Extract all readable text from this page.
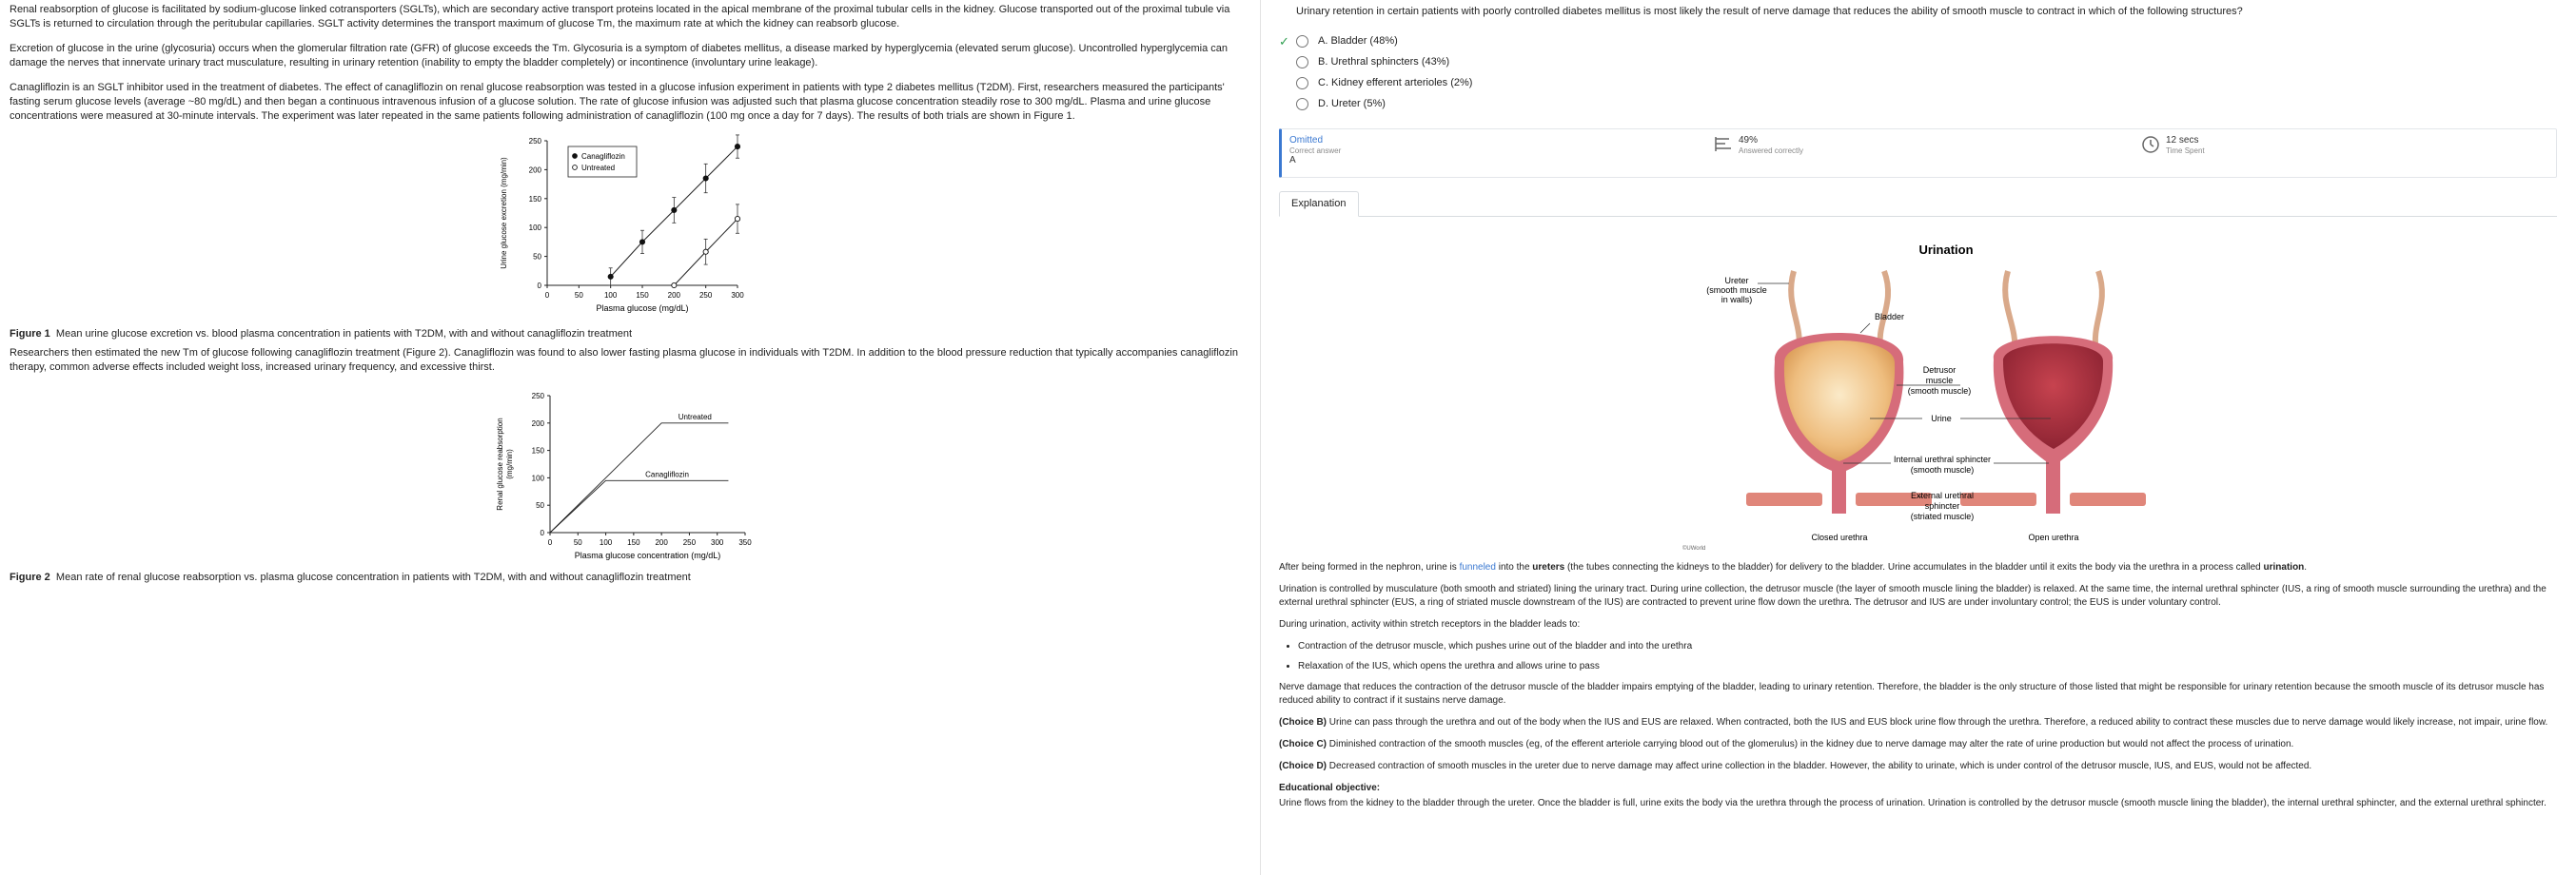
Renal reabsorption of glucose is facilitated by sodium-glucose linked cotransporters (SGLTs), which are secondary active transport proteins located in the apical membrane of the proximal tubular cells in the kidney. Glucose transported out of the proximal tubule via SGLTs is returned to circulation through the peritubular capillaries. SGLT activity determines the transport maximum of glucose Tm, the maximum rate at which the kidney can reabsorb glucose.

Excretion of glucose in the urine (glycosuria) occurs when the glomerular filtration rate (GFR) of glucose exceeds the Tm. Glycosuria is a symptom of diabetes mellitus, a disease marked by hyperglycemia (elevated serum glucose). Uncontrolled hyperglycemia can damage the nerves that innervate urinary tract musculature, resulting in urinary retention (inability to empty the bladder completely) or incontinence (involuntary urine leakage).

Canagliflozin is an SGLT inhibitor used in the treatment of diabetes. The effect of canagliflozin on renal glucose reabsorption was tested in a glucose infusion experiment in patients with type 2 diabetes mellitus (T2DM). First, researchers measured the participants' fasting serum glucose levels (average ~80 mg/dL) and then began a continuous intravenous infusion of a glucose solution. The rate of glucose infusion was adjusted such that plasma glucose concentration steadily rose to 300 mg/dL. Plasma and urine glucose concentrations were measured at 30-minute intervals. The experiment was later repeated in the same patients following administration of canagliflozin (100 mg once a day for 7 days). The results of both trials are shown in Figure 1.

0	50	100 150 200 250 300
0
50
100
150
200
250
Plasma glucose (mg/dL)
Urine glucose excretion (mg/min)
Canagliflozin
Untreated
Figure 1 Mean urine glucose excretion vs. blood plasma concentration in patients with T2DM, with and without canagliflozin treatment

Researchers then estimated the new Tm of glucose following canagliflozin treatment (Figure 2). Canagliflozin was found to also lower fasting plasma glucose in individuals with T2DM. In addition to the blood pressure reduction that typically accompanies canagliflozin therapy, common adverse effects included weight loss, increased urinary frequency, and excessive thirst.

0	50 100 150 200 250 300 350
0
50
100
150
200
250
Plasma glucose concentration (mg/dL)
Renal glucose reabsorption (mg/min)
Untreated
Canagliflozin
Figure 2 Mean rate of renal glucose reabsorption vs. plasma glucose concentration in patients with T2DM, with and without canagliflozin treatment
Urinary retention in certain patients with poorly controlled diabetes mellitus is most likely the result of nerve damage that reduces the ability of smooth muscle to contract in which of the following structures?
✓	A. Bladder (48%)
B. Urethral sphincters (43%)
C. Kidney efferent arterioles (2%)
D. Ureter (5%)
Omitted
Correct answer
A
49%
Answered correctly
12 secs
Time Spent
Explanation
Urination
Ureter
(smooth muscle
in walls)
Bladder
Detrusor
muscle
(smooth muscle)
Urine
Internal urethral sphincter
(smooth muscle)
External urethral
sphincter
(striated muscle)
Closed urethra	Open urethra
©UWorld

After being formed in the nephron, urine is funneled into the ureters (the tubes connecting the kidneys to the bladder) for delivery to the bladder. Urine accumulates in the bladder until it exits the body via the urethra in a process called urination.

Urination is controlled by musculature (both smooth and striated) lining the urinary tract. During urine collection, the detrusor muscle (the layer of smooth muscle lining the bladder) is relaxed. At the same time, the internal urethral sphincter (IUS, a ring of smooth muscle surrounding the urethra) and the external urethral sphincter (EUS, a ring of striated muscle downstream of the IUS) are contracted to prevent urine flow down the urethra. The detrusor and IUS are under involuntary control; the EUS is under voluntary control.

During urination, activity within stretch receptors in the bladder leads to:

• Contraction of the detrusor muscle, which pushes urine out of the bladder and into the urethra
• Relaxation of the IUS, which opens the urethra and allows urine to pass

Nerve damage that reduces the contraction of the detrusor muscle of the bladder impairs emptying of the bladder, leading to urinary retention. Therefore, the bladder is the only structure of those listed that might be responsible for urinary retention because the smooth muscle of its detrusor muscle has reduced ability to contract if it sustains nerve damage.

(Choice B) Urine can pass through the urethra and out of the body when the IUS and EUS are relaxed. When contracted, both the IUS and EUS block urine flow through the urethra. Therefore, a reduced ability to contract these muscles due to nerve damage would likely increase, not impair, urine flow.

(Choice C) Diminished contraction of the smooth muscles (eg, of the efferent arteriole carrying blood out of the glomerulus) in the kidney due to nerve damage may alter the rate of urine production but would not affect the process of urination.

(Choice D) Decreased contraction of smooth muscles in the ureter due to nerve damage may affect urine collection in the bladder. However, the ability to urinate, which is under control of the detrusor muscle, IUS, and EUS, would not be affected.

Educational objective:

Urine flows from the kidney to the bladder through the ureter. Once the bladder is full, urine exits the body via the urethra through the process of urination. Urination is controlled by the detrusor muscle (smooth muscle lining the bladder), the internal urethral sphincter, and the external urethral sphincter.
